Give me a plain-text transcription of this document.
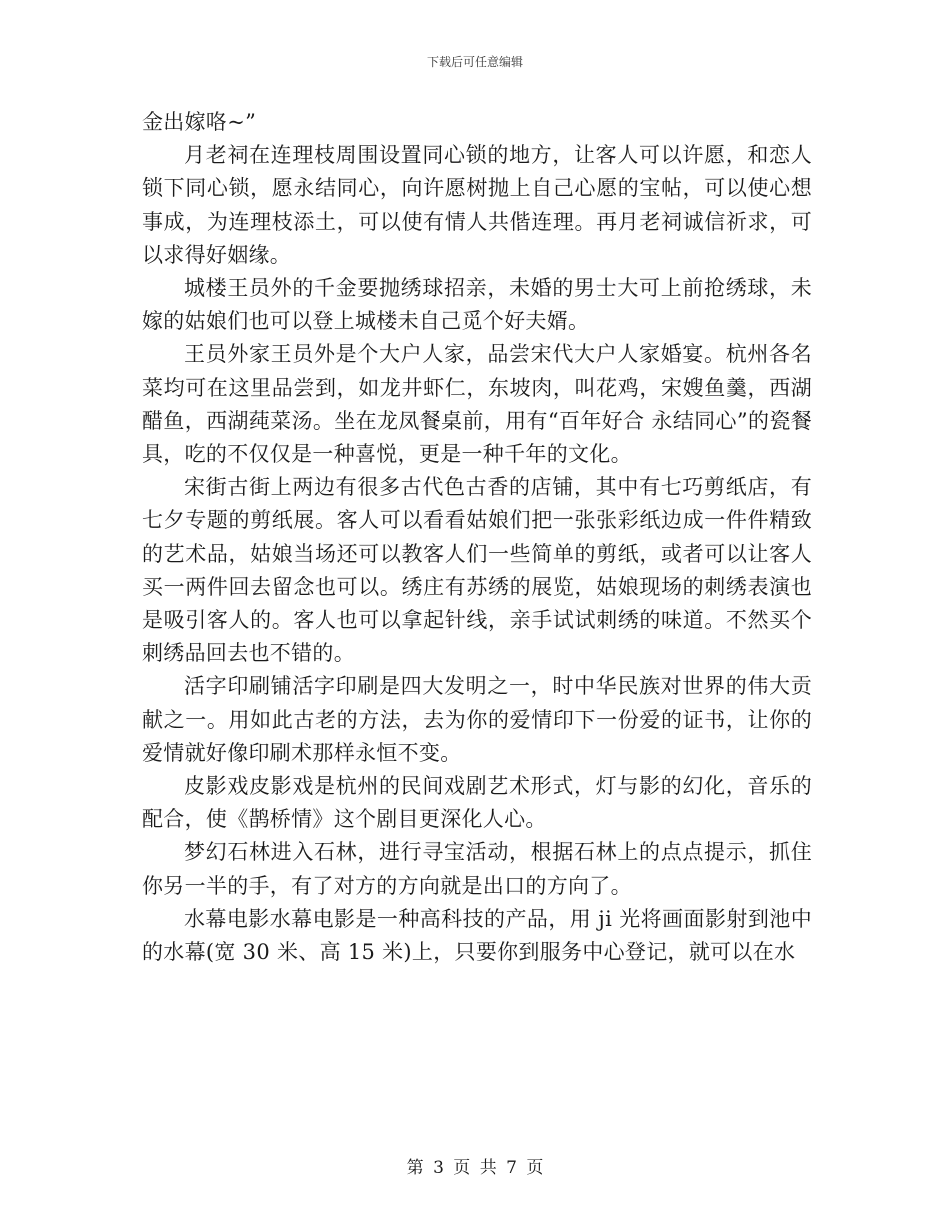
下载后可任意编辑

金出嫁咯~”

月老祠在连理枝周围设置同心锁的地方，让客人可以许愿，和恋人锁下同心锁，愿永结同心，向许愿树抛上自己心愿的宝帖，可以使心想事成，为连理枝添土，可以使有情人共偕连理。再月老祠诚信祈求，可以求得好姻缘。

城楼王员外的千金要抛绣球招亲，未婚的男士大可上前抢绣球，未嫁的姑娘们也可以登上城楼未自己觅个好夫婿。

王员外家王员外是个大户人家，品尝宋代大户人家婚宴。杭州各名菜均可在这里品尝到，如龙井虾仁，东坡肉，叫花鸡，宋嫂鱼羹，西湖醋鱼，西湖莼菜汤。坐在龙凤餐桌前，用有“百年好合 永结同心”的瓷餐具，吃的不仅仅是一种喜悦，更是一种千年的文化。

宋街古街上两边有很多古代色古香的店铺，其中有七巧剪纸店，有七夕专题的剪纸展。客人可以看看姑娘们把一张张彩纸边成一件件精致的艺术品，姑娘当场还可以教客人们一些简单的剪纸，或者可以让客人买一两件回去留念也可以。绣庄有苏绣的展览，姑娘现场的刺绣表演也是吸引客人的。客人也可以拿起针线，亲手试试刺绣的味道。不然买个刺绣品回去也不错的。

活字印刷铺活字印刷是四大发明之一，时中华民族对世界的伟大贡献之一。用如此古老的方法，去为你的爱情印下一份爱的证书，让你的爱情就好像印刷术那样永恒不变。

皮影戏皮影戏是杭州的民间戏剧艺术形式，灯与影的幻化，音乐的配合，使《鹊桥情》这个剧目更深化人心。

梦幻石林进入石林，进行寻宝活动，根据石林上的点点提示，抓住你另一半的手，有了对方的方向就是出口的方向了。

水幕电影水幕电影是一种高科技的产品，用 ji 光将画面影射到池中的水幕(宽 30 米、高 15 米)上，只要你到服务中心登记，就可以在水

第 3 页 共 7 页
